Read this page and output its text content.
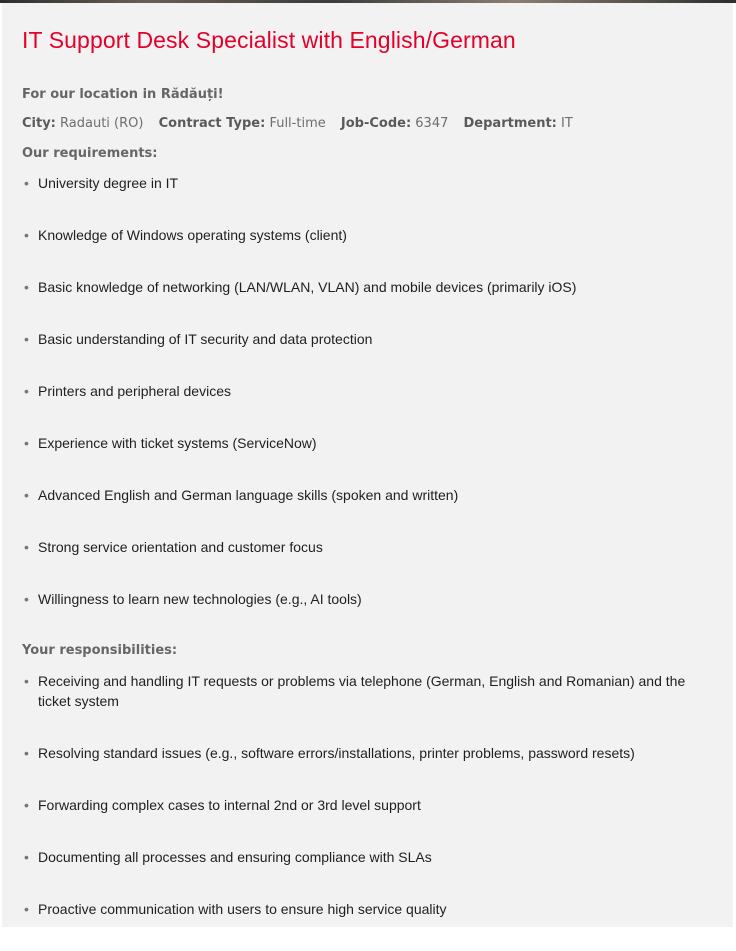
IT Support Desk Specialist with English/German
For our location in Rădăuți!
City: Radauti (RO) Contract Type: Full-time Job-Code: 6347 Department: IT
Our requirements:
• University degree in IT
• Knowledge of Windows operating systems (client)
• Basic knowledge of networking (LAN/WLAN, VLAN) and mobile devices (primarily iOS)
• Basic understanding of IT security and data protection
• Printers and peripheral devices
• Experience with ticket systems (ServiceNow)
• Advanced English and German language skills (spoken and written)
• Strong service orientation and customer focus
• Willingness to learn new technologies (e.g., AI tools)
Your responsibilities:
• Receiving and handling IT requests or problems via telephone (German, English and Romanian) and the ticket system
• Resolving standard issues (e.g., software errors/installations, printer problems, password resets)
• Forwarding complex cases to internal 2nd or 3rd level support
• Documenting all processes and ensuring compliance with SLAs
• Proactive communication with users to ensure high service quality
